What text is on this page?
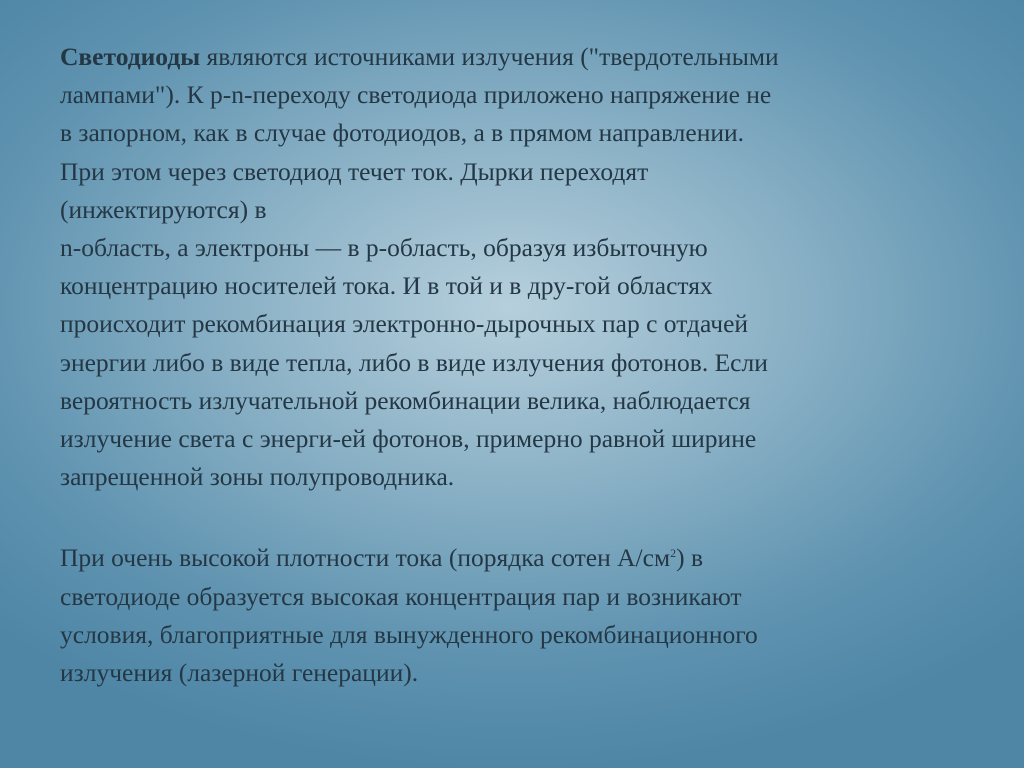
Светодиоды являются источниками излучения ("твердотельными
лампами"). К p-n-переходу светодиода приложено напряжение не
в запорном, как в случае фотодиодов, а в прямом направлении.
При этом через светодиод течет ток. Дырки переходят
(инжектируются) в
n-область, а электроны — в p-область, образуя избыточную
концентрацию носителей тока. И в той и в дру-гой областях
происходит рекомбинация электронно-дырочных пар с отдачей
энергии либо в виде тепла, либо в виде излучения фотонов. Если
вероятность излучательной рекомбинации велика, наблюдается
излучение света с энерги-ей фотонов, примерно равной ширине
запрещенной зоны полупроводника.
При очень высокой плотности тока (порядка сотен $А/см^2$) в
светодиоде образуется высокая концентрация пар и возникают
условия, благоприятные для вынужденного рекомбинационного
излучения (лазерной генерации).
